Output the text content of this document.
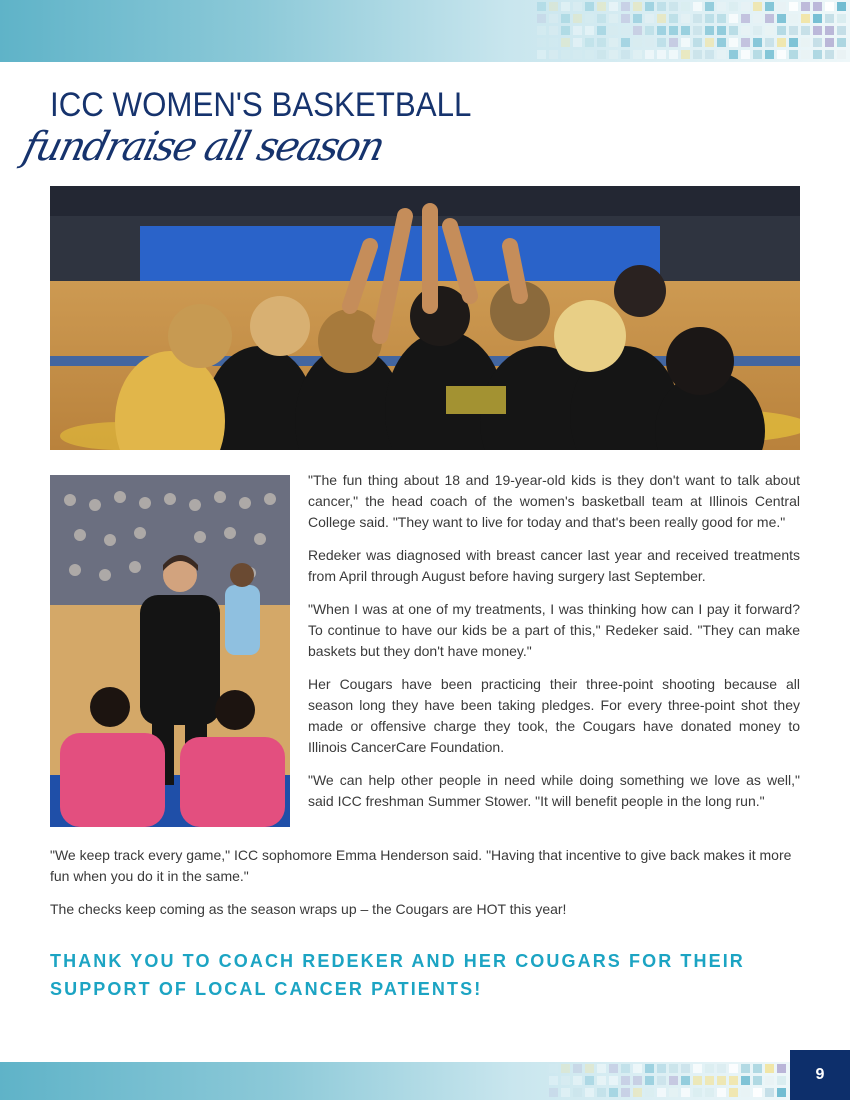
ICC WOMEN'S BASKETBALL
fundraise all season

"The fun thing about 18 and 19-year-old kids is they don't want to talk about cancer," the head coach of the women's basketball team at Illinois Central College said. "They want to live for today and that's been really good for me."

Redeker was diagnosed with breast cancer last year and received treatments from April through August before having surgery last September.

"When I was at one of my treatments, I was thinking how can I pay it forward? To continue to have our kids be a part of this," Redeker said. "They can make baskets but they don't have money."

Her Cougars have been practicing their three-point shooting because all season long they have been taking pledges. For every three-point shot they made or offensive charge they took, the Cougars have donated money to Illinois CancerCare Foundation.

"We can help other people in need while doing something we love as well," said ICC freshman Summer Stower. "It will benefit people in the long run."

"We keep track every game," ICC sophomore Emma Henderson said. "Having that incentive to give back makes it more fun when you do it in the same."

The checks keep coming as the season wraps up – the Cougars are HOT this year!

THANK YOU TO COACH REDEKER AND HER COUGARS FOR THEIR SUPPORT OF LOCAL CANCER PATIENTS!
9
